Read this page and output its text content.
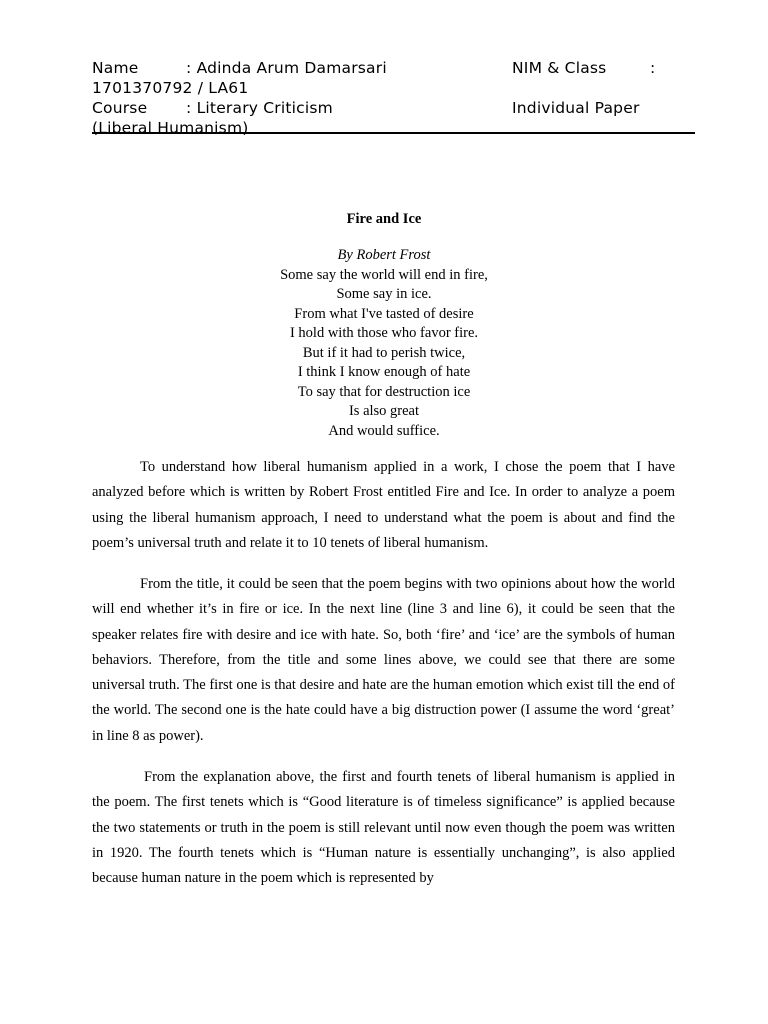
Name	: Adinda Arum Damarsari	NIM & Class	:
1701370792 / LA61
Course : Literary Criticism	Individual Paper
(Liberal Humanism)
Fire and Ice
By Robert Frost
Some say the world will end in fire,
Some say in ice.
From what I've tasted of desire
I hold with those who favor fire.
But if it had to perish twice,
I think I know enough of hate
To say that for destruction ice
Is also great
And would suffice.

To understand how liberal humanism applied in a work, I chose the poem that I have analyzed before which is written by Robert Frost entitled Fire and Ice. In order to analyze a poem using the liberal humanism approach, I need to understand what the poem is about and find the poem’s universal truth and relate it to 10 tenets of liberal humanism.

From the title, it could be seen that the poem begins with two opinions about how the world will end whether it’s in fire or ice. In the next line (line 3 and line 6), it could be seen that the speaker relates fire with desire and ice with hate. So, both ‘fire’ and ‘ice’ are the symbols of human behaviors. Therefore, from the title and some lines above, we could see that there are some universal truth. The first one is that desire and hate are the human emotion which exist till the end of the world. The second one is the hate could have a big distruction power (I assume the word ‘great’ in line 8 as power).

From the explanation above, the first and fourth tenets of liberal humanism is applied in the poem. The first tenets which is “Good literature is of timeless significance” is applied because the two statements or truth in the poem is still relevant until now even though the poem was written in 1920. The fourth tenets which is “Human nature is essentially unchanging”, is also applied because human nature in the poem which is represented by
